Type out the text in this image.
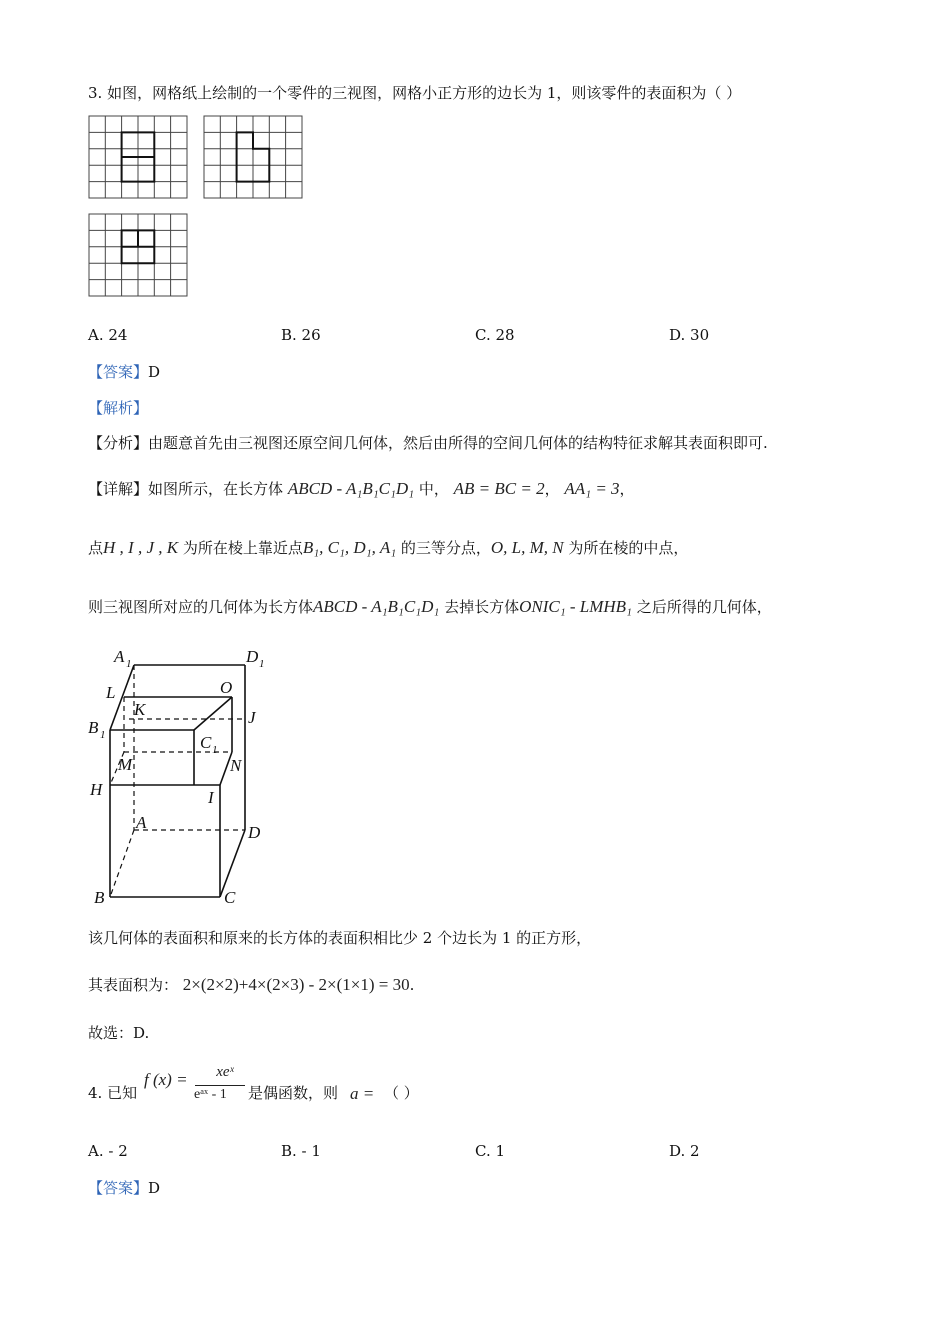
3. 如图，网格纸上绘制的一个零件的三视图，网格小正方形的边长为 1，则该零件的表面积为（ ）
A. 24	B. 26	C. 28	D. 30
【答案】D
【解析】
【分析】由题意首先由三视图还原空间几何体，然后由所得的空间几何体的结构特征求解其表面积即可.
【详解】如图所示，在长方体 ABCD - A₁B₁C₁D₁ 中， AB = BC = 2， AA₁ = 3，
点H , I , J , K 为所在棱上靠近点B₁, C₁, D₁, A₁ 的三等分点，O, L, M, N 为所在棱的中点，
则三视图所对应的几何体为长方体ABCD - A₁B₁C₁D₁ 去掉长方体ONIC₁ - LMHB₁ 之后所得的几何体，
A 1	D 1
L	O
K	J
B 1	C 1
M	N
H	I
A
D
B	C
该几何体的表面积和原来的长方体的表面积相比少 2 个边长为 1 的正方形，
其表面积为： 2×(2×2)+4×(2×3) - 2×(1×1) = 30.
故选：D.
4. 已知
f (x) =	xeˣ
eᵃˣ - 1 是偶函数，则 a = （ ）
A. - 2	B. - 1	C. 1	D. 2
【答案】D
